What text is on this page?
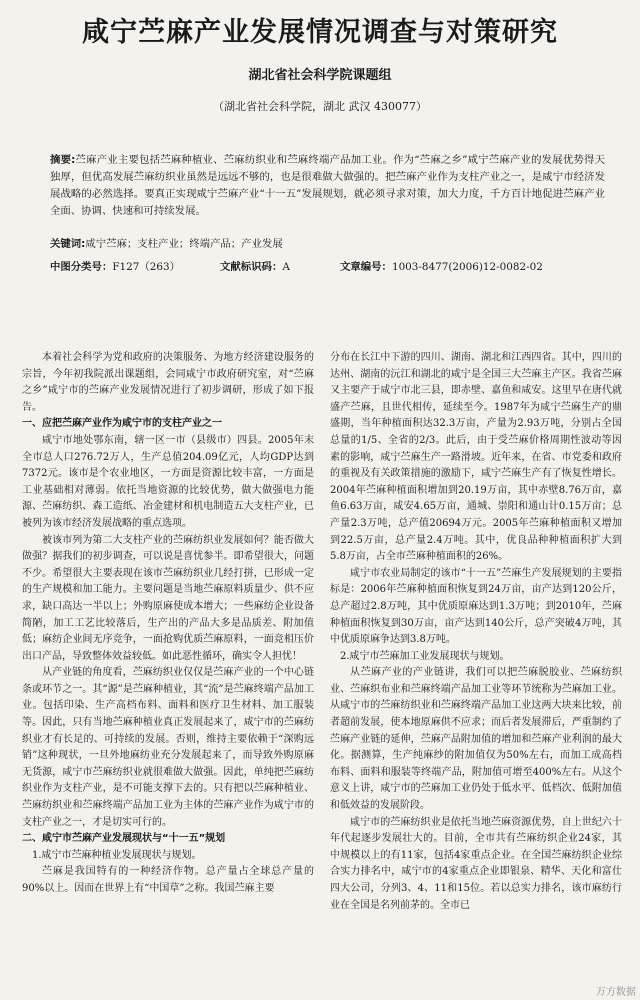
咸宁苎麻产业发展情况调查与对策研究
湖北省社会科学院课题组
（湖北省社会科学院，湖北 武汉 430077）
摘要:苎麻产业主要包括苎麻种植业、苎麻纺织业和苎麻终端产品加工业。作为“苎麻之乡”咸宁苎麻产业的发展优势得天独厚，但优高发展苎麻纺织业虽然是远远不够的，也是很难做大做强的。把苎麻产业作为支柱产业之一，是咸宁市经济发展战略的必然选择。要真正实现咸宁苎麻产业“十一五”发展规划，就必须寻求对策，加大力度，千方百计地促进苎麻产业全面、协调、快速和可持续发展。
关键词:咸宁苎麻；支柱产业；终端产品；产业发展
中图分类号：F127（263）	文献标识码：A	文章编号：1003-8477(2006)12-0082-02

本着社会科学为党和政府的决策服务、为地方经济建设服务的宗旨，今年初我院派出课题组，会同咸宁市政府研究室，对“苎麻之乡”咸宁市的苎麻产业发展情况进行了初步调研，形成了如下报告。

一、应把苎麻产业作为咸宁市的支柱产业之一

咸宁市地处鄂东南，辖一区一市（县级市）四县。2005年末全市总人口276.72万人，生产总值204.09亿元，人均GDP达到7372元。该市是个农业地区，一方面是资源比较丰富，一方面是工业基础相对薄弱。依托当地资源的比较优势，做大做强电力能源、苎麻纺织、森工造纸、冶金建材和机电制造五大支柱产业，已被列为该市经济发展战略的重点选项。

被该市列为第二大支柱产业的苎麻纺织业发展如何？能否做大做强？据我们的初步调查，可以说是喜忧参半。即希望很大，问题不少。希望很大主要表现在该市苎麻纺织业几经打拼，已形成一定的生产规模和加工能力。主要问题是当地苎麻原料质量少、供不应求，缺口高达一半以上；外购原麻使成本增大；一些麻纺企业设备简陋，加工工艺比较落后，生产出的产品大多是品质差、附加值低；麻纺企业间无序竞争，一面抢购优质苎麻原料，一面竞相压价出口产品，导致整体效益较低。如此恶性循环，确实令人担忧！

从产业链的角度看，苎麻纺织业仅仅是苎麻产业的一个中心链条或环节之一。其“源”是苎麻种植业，其“流”是苎麻终端产品加工业。包括印染、生产高档布料、面料和医疗卫生材料、加工服装等。因此，只有当地苎麻种植业真正发展起来了，咸宁市的苎麻纺织业才有长足的、可持续的发展。否则，维持主要依赖于“深购远销”这种现状，一旦外地麻纺业充分发展起来了，而导致外购原麻无货源，咸宁市苎麻纺织业就很难做大做强。因此，单纯把苎麻纺织业作为支柱产业，是不可能支撑下去的。只有把以苎麻种植业、苎麻纺织业和苎麻终端产品加工业为主体的苎麻产业作为咸宁市的支柱产业之一，才是切实可行的。

二、咸宁市苎麻产业发展现状与“十一五”规划

1.咸宁市苎麻种植业发展现状与规划。

苎麻是我国特有的一种经济作物。总产量占全球总产量的90%以上。因而在世界上有“中国草”之称。我国苎麻主要

分布在长江中下游的四川、湖南、湖北和江西四省。其中，四川的达州、湖南的沅江和湖北的咸宁是全国三大苎麻主产区。我省苎麻又主要产于咸宁市北三县，即赤壁、嘉鱼和咸安。这里早在唐代就盛产苎麻，且世代相传，延续至今。1987年为咸宁苎麻生产的鼎盛期，当年种植面积达32.3万亩，产量为2.93万吨，分别占全国总量的1/5、全省的2/3。此后，由于受苎麻价格周期性波动等因素的影响，咸宁苎麻生产一路滑坡。近年来，在省、市党委和政府的重视及有关政策措施的激励下，咸宁苎麻生产有了恢复性增长。2004年苎麻种植面积增加到20.19万亩，其中赤壁8.76万亩，嘉鱼6.63万亩，咸安4.65万亩，通城、崇阳和通山计0.15万亩；总产量2.3万吨，总产值20694万元。2005年苎麻种植面积又增加到22.5万亩，总产量2.4万吨。其中，优良品种种植面积扩大到5.8万亩，占全市苎麻种植面积的26%。

咸宁市农业局制定的该市“十一五”苎麻生产发展规划的主要指标是：2006年苎麻种植面积恢复到24万亩，亩产达到120公斤，总产超过2.8万吨，其中优质原麻达到1.3万吨；到2010年，苎麻种植面积恢复到30万亩，亩产达到140公斤，总产突破4万吨，其中优质原麻争达到3.8万吨。

2.咸宁市苎麻加工业发展现状与规划。

从苎麻产业的产业链讲，我们可以把苎麻脱胶业、苎麻纺织业、苎麻织布业和苎麻终端产品加工业等环节统称为苎麻加工业。从咸宁市的苎麻纺织业和苎麻终端产品加工业这两大块来比较，前者超前发展，使本地原麻供不应求；而后者发展滞后，严重制约了苎麻产业链的延伸，苎麻产品附加值的增加和苎麻产业利润的最大化。据测算，生产纯麻纱的附加值仅为50%左右，而加工成高档布料、面料和服装等终端产品，附加值可增至400%左右。从这个意义上讲，咸宁市的苎麻加工业仍处于低水平、低档次、低附加值和低效益的发展阶段。

咸宁市的苎麻纺织业是依托当地苎麻资源优势，自上世纪六十年代起逐步发展壮大的。目前，全市共有苎麻纺织企业24家，其中规模以上的有11家，包括4家重点企业。在全国苎麻纺织企业综合实力排名中，咸宁市的4家重点企业即银泉、精华、天化和富仕四大公司，分列3、4、11和15位。若以总实力排名，该市麻纺行业在全国是名列前茅的。全市已

万方数据
